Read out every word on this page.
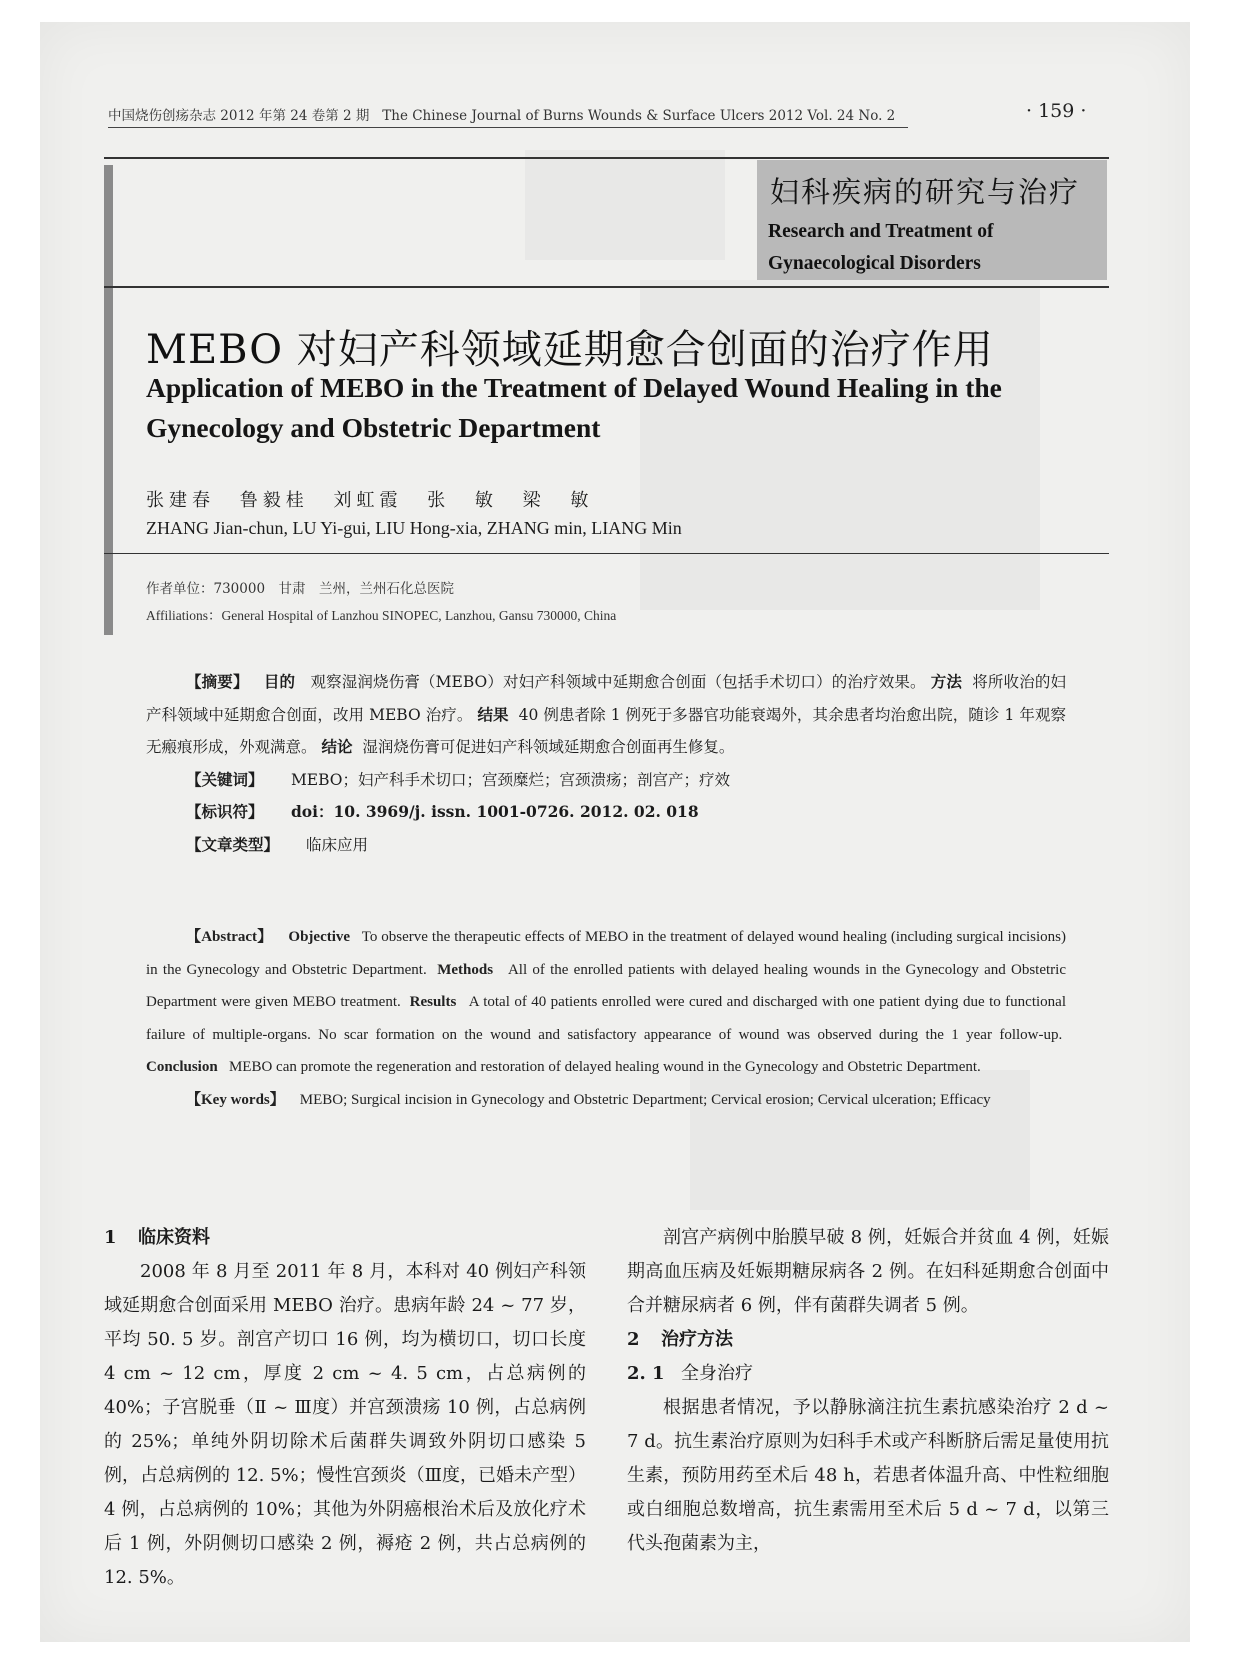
中国烧伤创疡杂志 2012 年第 24 卷第 2 期 The Chinese Journal of Burns Wounds & Surface Ulcers 2012 Vol. 24 No. 2	· 159 ·
妇科疾病的研究与治疗
Research and Treatment of Gynaecological Disorders
MEBO 对妇产科领域延期愈合创面的治疗作用
Application of MEBO in the Treatment of Delayed Wound Healing in the Gynecology and Obstetric Department
张建春 鲁毅桂 刘虹霞 张 敏 梁 敏
ZHANG Jian-chun, LU Yi-gui, LIU Hong-xia, ZHANG min, LIANG Min
作者单位：730000　甘肃　兰州，兰州石化总医院
Affiliations：General Hospital of Lanzhou SINOPEC, Lanzhou, Gansu 730000, China

【摘要】 目的 观察湿润烧伤膏（MEBO）对妇产科领域中延期愈合创面（包括手术切口）的治疗效果。 方法 将所收治的妇产科领域中延期愈合创面，改用 MEBO 治疗。 结果 40 例患者除 1 例死于多器官功能衰竭外，其余患者均治愈出院，随诊 1 年观察无瘢痕形成，外观满意。 结论 湿润烧伤膏可促进妇产科领域延期愈合创面再生修复。

【关键词】 MEBO；妇产科手术切口；宫颈糜烂；宫颈溃疡；剖宫产；疗效

【标识符】 doi：10. 3969/j. issn. 1001-0726. 2012. 02. 018

【文章类型】 临床应用

【Abstract】 Objective To observe the therapeutic effects of MEBO in the treatment of delayed wound healing (including surgical incisions) in the Gynecology and Obstetric Department. Methods All of the enrolled patients with delayed healing wounds in the Gynecology and Obstetric Department were given MEBO treatment. Results A total of 40 patients enrolled were cured and discharged with one patient dying due to functional failure of multiple-organs. No scar formation on the wound and satisfactory appearance of wound was observed during the 1 year follow-up.  Conclusion MEBO can promote the regeneration and restoration of delayed healing wound in the Gynecology and Obstetric Department.

【Key words】 MEBO; Surgical incision in Gynecology and Obstetric Department; Cervical erosion; Cervical ulceration; Efficacy

1 临床资料

2008 年 8 月至 2011 年 8 月，本科对 40 例妇产科领域延期愈合创面采用 MEBO 治疗。患病年龄 24 ~ 77 岁，平均 50. 5 岁。剖宫产切口 16 例，均为横切口，切口长度 4 cm ~ 12 cm，厚度 2 cm ~ 4. 5 cm，占总病例的 40%；子宫脱垂（Ⅱ ~ Ⅲ度）并宫颈溃疡 10 例，占总病例的 25%；单纯外阴切除术后菌群失调致外阴切口感染 5 例，占总病例的 12. 5%；慢性宫颈炎（Ⅲ度，已婚未产型）4 例，占总病例的 10%；其他为外阴癌根治术后及放化疗术后 1 例，外阴侧切口感染 2 例，褥疮 2 例，共占总病例的 12. 5%。

剖宫产病例中胎膜早破 8 例，妊娠合并贫血 4 例，妊娠期高血压病及妊娠期糖尿病各 2 例。在妇科延期愈合创面中合并糖尿病者 6 例，伴有菌群失调者 5 例。

2 治疗方法

2. 1 全身治疗

根据患者情况，予以静脉滴注抗生素抗感染治疗 2 d ~ 7 d。抗生素治疗原则为妇科手术或产科断脐后需足量使用抗生素，预防用药至术后 48 h，若患者体温升高、中性粒细胞或白细胞总数增高，抗生素需用至术后 5 d ~ 7 d，以第三代头孢菌素为主，
